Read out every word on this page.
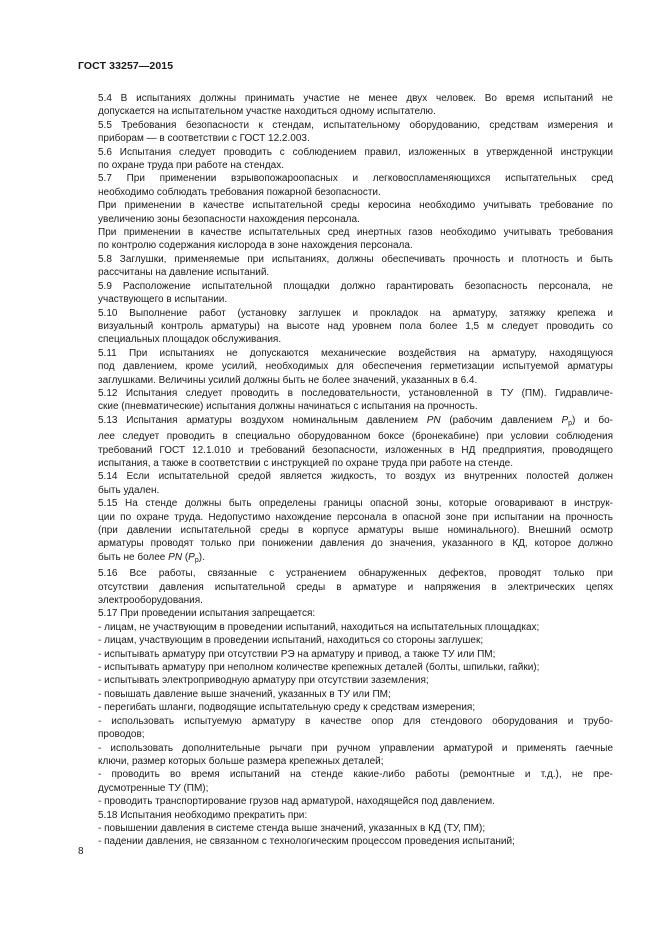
ГОСТ 33257—2015

5.4 В испытаниях должны принимать участие не менее двух человек. Во время испытаний не
допускается на испытательном участке находиться одному испытателю.

5.5 Требования безопасности к стендам, испытательному оборудованию, средствам измерения и
приборам — в соответствии с ГОСТ 12.2.003.

5.6 Испытания следует проводить с соблюдением правил, изложенных в утвержденной инструкции
по охране труда при работе на стендах.

5.7 При применении взрывопожароопасных и легковоспламеняющихся испытательных сред
необходимо соблюдать требования пожарной безопасности.

При применении в качестве испытательной среды керосина необходимо учитывать требование по
увеличению зоны безопасности нахождения персонала.

При применении в качестве испытательных сред инертных газов необходимо учитывать требования
по контролю содержания кислорода в зоне нахождения персонала.

5.8 Заглушки, применяемые при испытаниях, должны обеспечивать прочность и плотность и быть
рассчитаны на давление испытаний.

5.9 Расположение испытательной площадки должно гарантировать безопасность персонала, не
участвующего в испытании.

5.10 Выполнение работ (установку заглушек и прокладок на арматуру, затяжку крепежа и
визуальный контроль арматуры) на высоте над уровнем пола более 1,5 м следует проводить со
специальных площадок обслуживания.

5.11 При испытаниях не допускаются механические воздействия на арматуру, находящуюся
под давлением, кроме усилий, необходимых для обеспечения герметизации испытуемой арматуры
заглушками. Величины усилий должны быть не более значений, указанных в 6.4.

5.12 Испытания следует проводить в последовательности, установленной в ТУ (ПМ). Гидравличе-
ские (пневматические) испытания должны начинаться с испытания на прочность.

5.13 Испытания арматуры воздухом номинальным давлением PN (рабочим давлением $P_р$) и бо-
лее следует проводить в специально оборудованном боксе (бронекабине) при условии соблюдения
требований ГОСТ 12.1.010 и требований безопасности, изложенных в НД предприятия, проводящего
испытания, а также в соответствии с инструкцией по охране труда при работе на стенде.

5.14 Если испытательной средой является жидкость, то воздух из внутренних полостей должен
быть удален.

5.15 На стенде должны быть определены границы опасной зоны, которые оговаривают в инструк-
ции по охране труда. Недопустимо нахождение персонала в опасной зоне при испытании на прочность
(при давлении испытательной среды в корпусе арматуры выше номинального). Внешний осмотр
арматуры проводят только при понижении давления до значения, указанного в КД, которое должно
быть не более PN $(P_р)$.

5.16 Все работы, связанные с устранением обнаруженных дефектов, проводят только при
отсутствии давления испытательной среды в арматуре и напряжения в электрических цепях
электрооборудования.

5.17 При проведении испытания запрещается:

- лицам, не участвующим в проведении испытаний, находиться на испытательных площадках;

- лицам, участвующим в проведении испытаний, находиться со стороны заглушек;

- испытывать арматуру при отсутствии РЭ на арматуру и привод, а также ТУ или ПМ;

- испытывать арматуру при неполном количестве крепежных деталей (болты, шпильки, гайки);

- испытывать электроприводную арматуру при отсутствии заземления;

- повышать давление выше значений, указанных в ТУ или ПМ;

- перегибать шланги, подводящие испытательную среду к средствам измерения;

- использовать испытуемую арматуру в качестве опор для стендового оборудования и трубо-
проводов;

- использовать дополнительные рычаги при ручном управлении арматурой и применять гаечные
ключи, размер которых больше размера крепежных деталей;

- проводить во время испытаний на стенде какие-либо работы (ремонтные и т.д.), не пре-
дусмотренные ТУ (ПМ);

- проводить транспортирование грузов над арматурой, находящейся под давлением.

5.18 Испытания необходимо прекратить при:

- повышении давления в системе стенда выше значений, указанных в КД (ТУ, ПМ);

- падении давления, не связанном с технологическим процессом проведения испытаний;

8
